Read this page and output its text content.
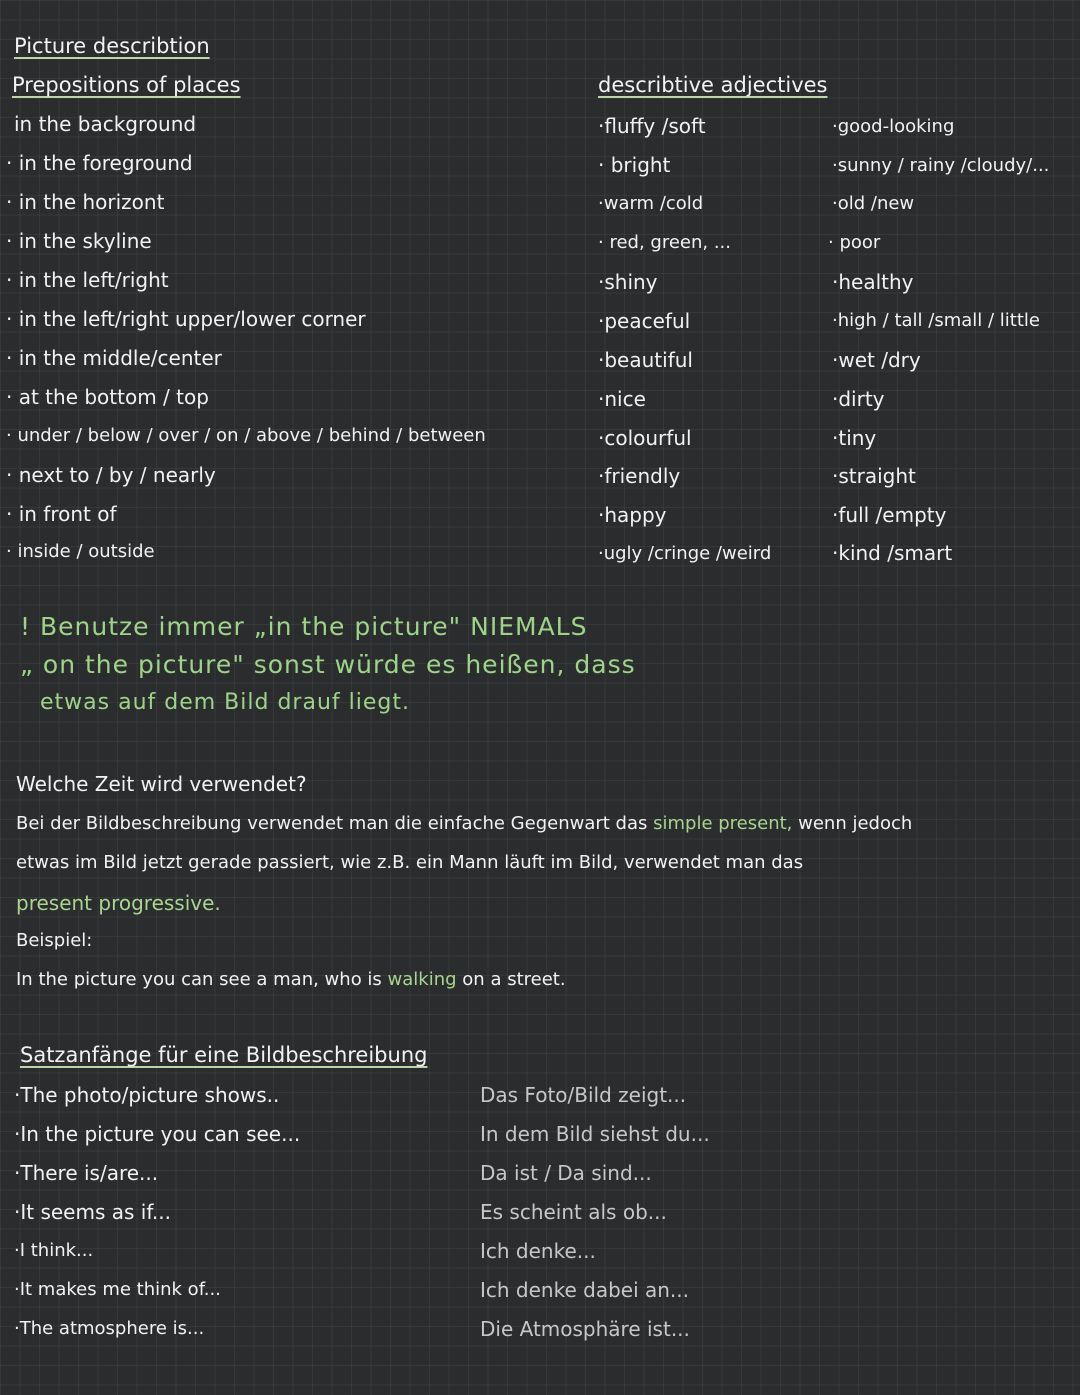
Picture describtion
Prepositions of places
in the background
· in the foreground
· in the horizont
· in the skyline
· in the left/right
· in the left/right upper/lower corner
· in the middle/center
· at the bottom / top
· under / below / over / on / above / behind / between
· next to / by / nearly
· in front of
· inside / outside
describtive adjectives
·fluffy /soft
· bright
·warm /cold
· red, green, ...
·shiny
·peaceful
·beautiful
·nice
·colourful
·friendly
·happy
·ugly /cringe /weird
·good-looking
·sunny / rainy /cloudy/...
·old /new
· poor
·healthy
·high / tall /small / little
·wet /dry
·dirty
·tiny
·straight
·full /empty
·kind /smart
! Benutze immer „in the picture" NIEMALS
„ on the picture" sonst würde es heißen, dass
etwas auf dem Bild drauf liegt.
Welche Zeit wird verwendet?
Bei der Bildbeschreibung verwendet man die einfache Gegenwart das simple present, wenn jedoch
etwas im Bild jetzt gerade passiert, wie z.B. ein Mann läuft im Bild, verwendet man das
present progressive.
Beispiel:
In the picture you can see a man, who is walking on a street.
Satzanfänge für eine Bildbeschreibung
·The photo/picture shows..
·In the picture you can see...
·There is/are...
·It seems as if...
·I think...
·It makes me think of...
·The atmosphere is...
Das Foto/Bild zeigt...
In dem Bild siehst du...
Da ist / Da sind...
Es scheint als ob...
Ich denke...
Ich denke dabei an...
Die Atmosphäre ist...
